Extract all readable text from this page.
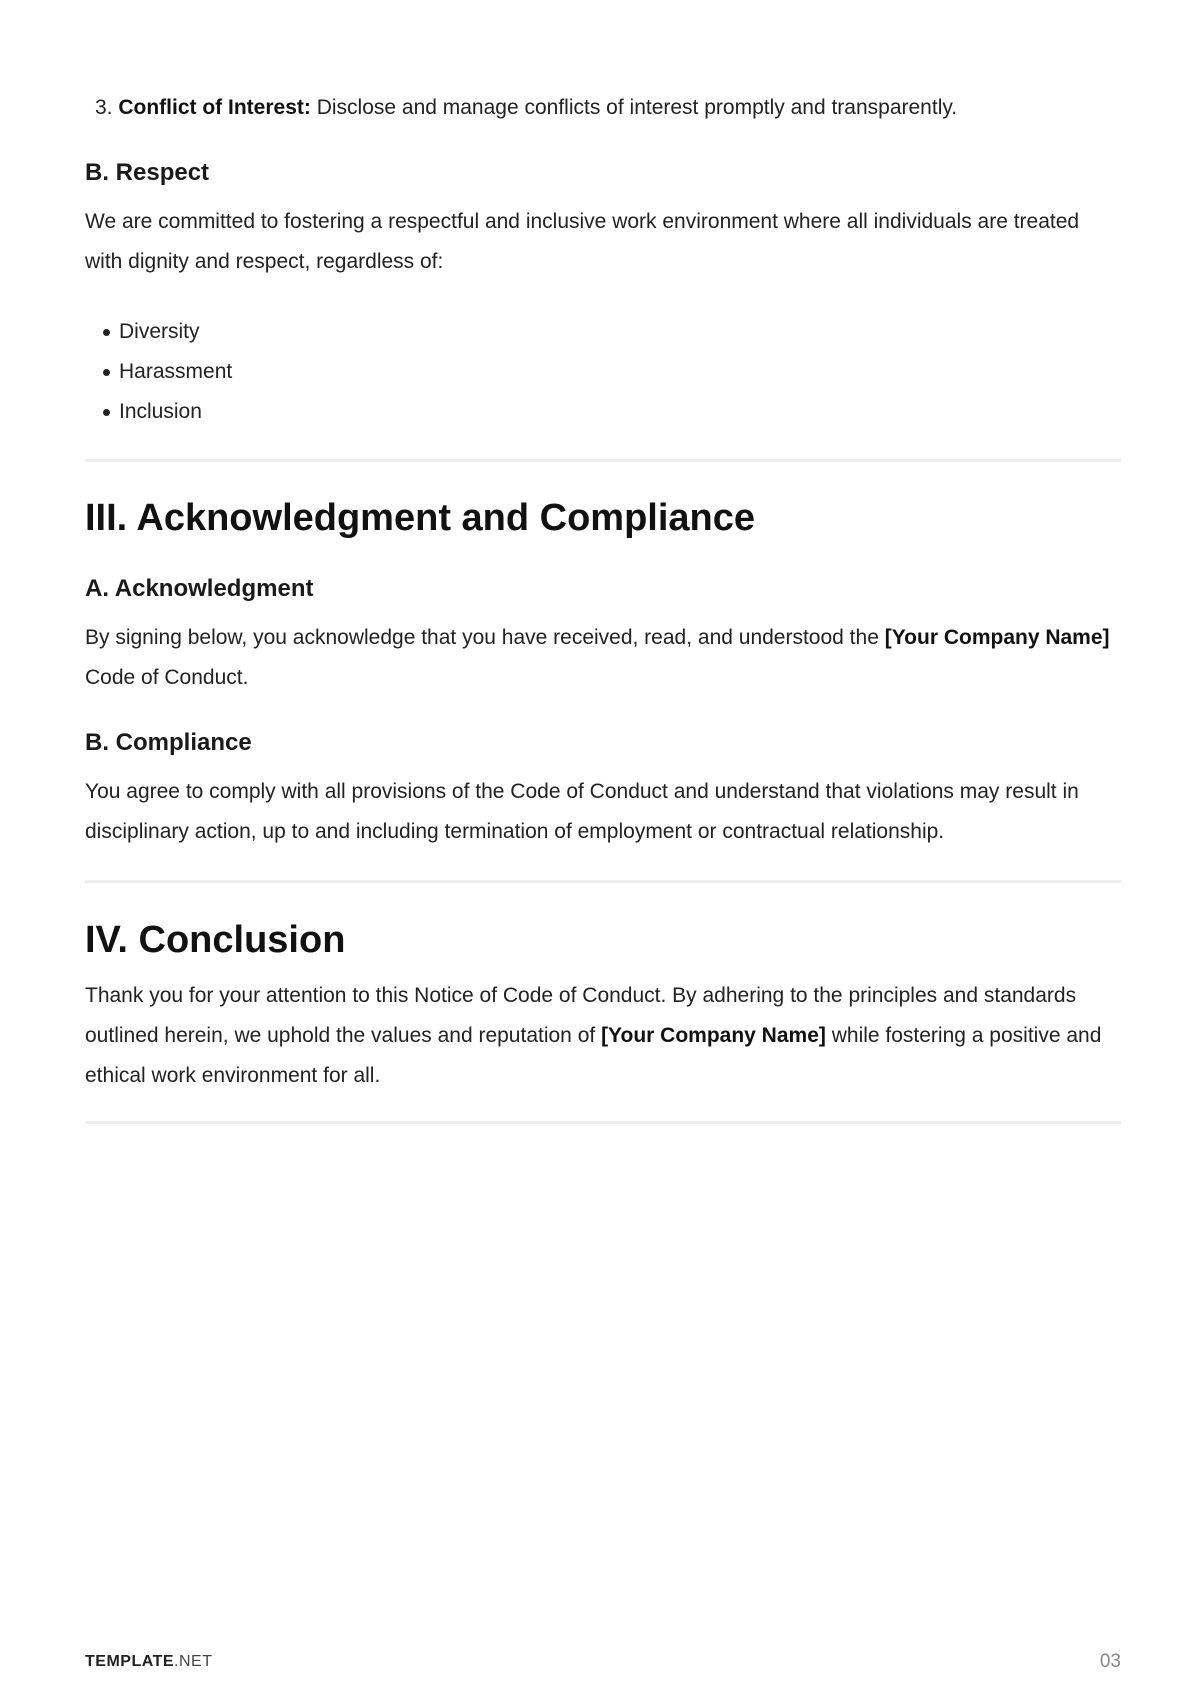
3. Conflict of Interest: Disclose and manage conflicts of interest promptly and transparently.

B. Respect

We are committed to fostering a respectful and inclusive work environment where all individuals are treated with dignity and respect, regardless of:

Diversity
Harassment
Inclusion
III. Acknowledgment and Compliance
A. Acknowledgment

By signing below, you acknowledge that you have received, read, and understood the [Your Company Name] Code of Conduct.

B. Compliance

You agree to comply with all provisions of the Code of Conduct and understand that violations may result in disciplinary action, up to and including termination of employment or contractual relationship.

IV. Conclusion

Thank you for your attention to this Notice of Code of Conduct. By adhering to the principles and standards outlined herein, we uphold the values and reputation of [Your Company Name] while fostering a positive and ethical work environment for all.

TEMPLATE.NET	03
